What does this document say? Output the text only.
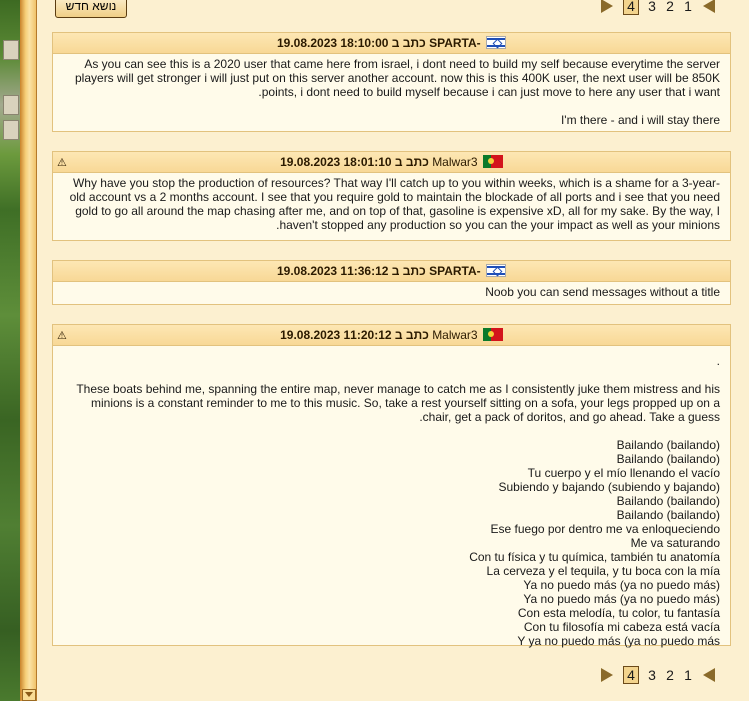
נושא חדש	4 3 2 1
19.08.2023 18:10:00 כתב ב SPARTA-

As you can see this is a 2020 user that came here from israel, i dont need to build my self because everytime the server players will get stronger i will just put on this server another account. now this is this 400K user, the next user will be 850K points, i dont need to build myself because i can just move to here any user that i want.

I'm there - and i will stay there

⚠	19.08.2023 18:01:10 כתב ב Malwar3

Why have you stop the production of resources? That way I'll catch up to you within weeks, which is a shame for a 3-year-old account vs a 2 months account. I see that you require gold to maintain the blockade of all ports and i see that you need gold to go all around the map chasing after me, and on top of that, gasoline is expensive xD, all for my sake. By the way, I haven't stopped any production so you can the your impact as well as your minions.

19.08.2023 11:36:12 כתב ב SPARTA-

Noob you can send messages without a title

⚠	19.08.2023 11:20:12 כתב ב Malwar3

.

These boats behind me, spanning the entire map, never manage to catch me as I consistently juke them mistress and his minions is a constant reminder to me to this music. So, take a rest yourself sitting on a sofa, your legs propped up on a chair, get a pack of doritos, and go ahead. Take a guess.

Bailando (bailando)

Bailando (bailando)

Tu cuerpo y el mío llenando el vacío

Subiendo y bajando (subiendo y bajando)

Bailando (bailando)

Bailando (bailando)

Ese fuego por dentro me va enloqueciendo

Me va saturando

Con tu física y tu química, también tu anatomía

La cerveza y el tequila, y tu boca con la mía

Ya no puedo más (ya no puedo más)

Ya no puedo más (ya no puedo más)

Con esta melodía, tu color, tu fantasía

Con tu filosofía mi cabeza está vacía

Y ya no puedo más (ya no puedo más

4 3 2 1
